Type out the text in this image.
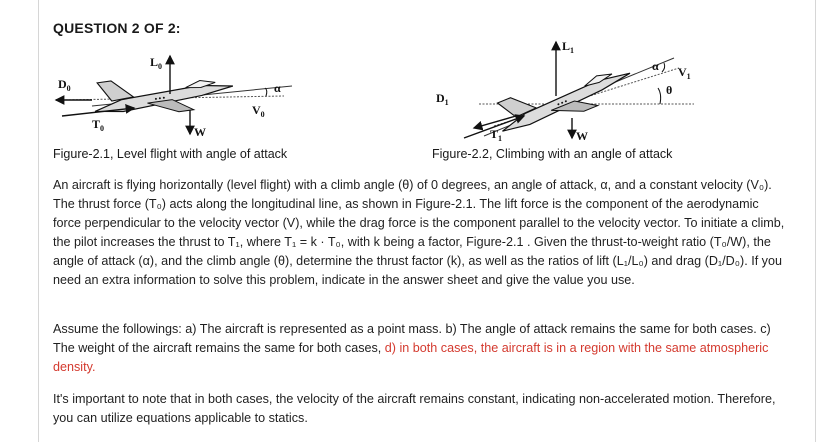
QUESTION 2 OF 2:
$L_0$
$D_0$
$T_0$	W
$V_0$
α
$L_1$
$D_1$
$T_1$	W
$V_1$
α
θ
Figure-2.1, Level flight with angle of attack	Figure-2.2, Climbing with an angle of attack

An aircraft is flying horizontally (level flight) with a climb angle (θ) of 0 degrees, an angle of attack, α, and a constant velocity (V₀). The thrust force (T₀) acts along the longitudinal line, as shown in Figure-2.1. The lift force is the component of the aerodynamic force perpendicular to the velocity vector (V), while the drag force is the component parallel to the velocity vector. To initiate a climb, the pilot increases the thrust to T₁, where T₁ = k · T₀, with k being a factor, Figure-2.1 . Given the thrust-to-weight ratio (T₀/W), the angle of attack (α), and the climb angle (θ), determine the thrust factor (k), as well as the ratios of lift (L₁/L₀) and drag (D₁/D₀). If you need an extra information to solve this problem, indicate in the answer sheet and give the value you use.

Assume the followings: a) The aircraft is represented as a point mass. b) The angle of attack remains the same for both cases. c) The weight of the aircraft remains the same for both cases, d) in both cases, the aircraft is in a region with the same atmospheric density.

It's important to note that in both cases, the velocity of the aircraft remains constant, indicating non-accelerated motion. Therefore, you can utilize equations applicable to statics.
